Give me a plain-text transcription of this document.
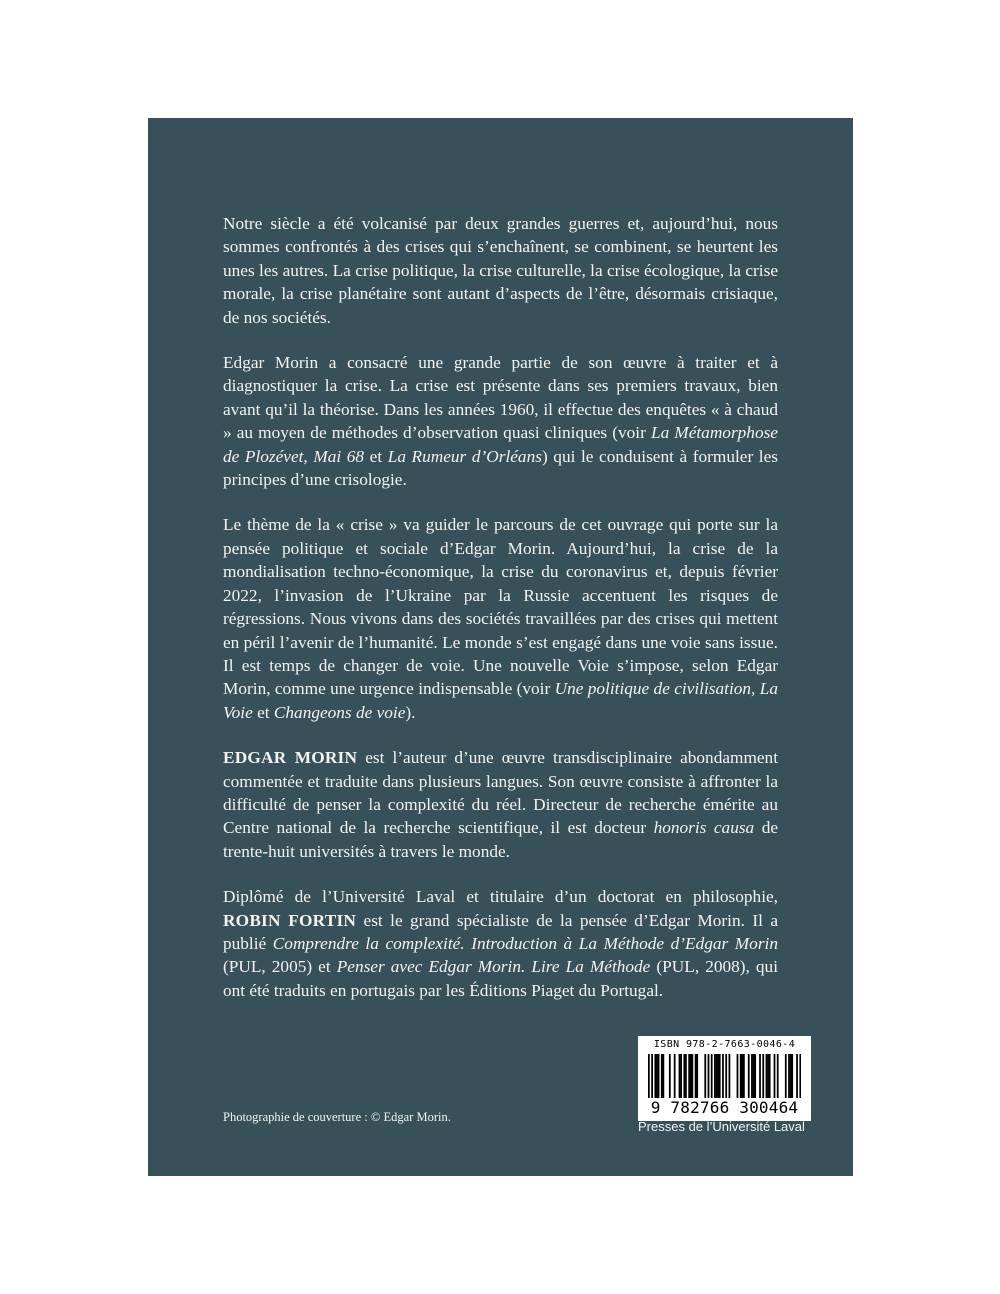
Notre siècle a été volcanisé par deux grandes guerres et, aujourd’hui, nous sommes confrontés à des crises qui s’enchaînent, se combinent, se heurtent les unes les autres. La crise politique, la crise culturelle, la crise écologique, la crise morale, la crise planétaire sont autant d’aspects de l’être, désormais crisiaque, de nos sociétés.

Edgar Morin a consacré une grande partie de son œuvre à traiter et à diagnostiquer la crise. La crise est présente dans ses premiers travaux, bien avant qu’il la théorise. Dans les années 1960, il effectue des enquêtes « à chaud » au moyen de méthodes d’observation quasi cliniques (voir La Métamorphose de Plozévet, Mai 68 et La Rumeur d’Orléans) qui le conduisent à formuler les principes d’une crisologie.

Le thème de la « crise » va guider le parcours de cet ouvrage qui porte sur la pensée politique et sociale d’Edgar Morin. Aujourd’hui, la crise de la mondialisation techno-économique, la crise du coronavirus et, depuis février 2022, l’invasion de l’Ukraine par la Russie accentuent les risques de régressions. Nous vivons dans des sociétés travaillées par des crises qui mettent en péril l’avenir de l’humanité. Le monde s’est engagé dans une voie sans issue. Il est temps de changer de voie. Une nouvelle Voie s’impose, selon Edgar Morin, comme une urgence indispensable (voir Une politique de civilisation, La Voie et Changeons de voie).

EDGAR MORIN est l’auteur d’une œuvre transdisciplinaire abondamment commentée et traduite dans plusieurs langues. Son œuvre consiste à affronter la difficulté de penser la complexité du réel. Directeur de recherche émérite au Centre national de la recherche scientifique, il est docteur honoris causa de trente-huit universités à travers le monde.

Diplômé de l’Université Laval et titulaire d’un doctorat en philosophie, ROBIN FORTIN est le grand spécialiste de la pensée d’Edgar Morin. Il a publié Comprendre la complexité. Introduction à La Méthode d’Edgar Morin (PUL, 2005) et Penser avec Edgar Morin. Lire La Méthode (PUL, 2008), qui ont été traduits en portugais par les Éditions Piaget du Portugal.

Photographie de couverture : © Edgar Morin.
ISBN 978-2-7663-0046-4
9 782766 300464
Presses de l’Université Laval
